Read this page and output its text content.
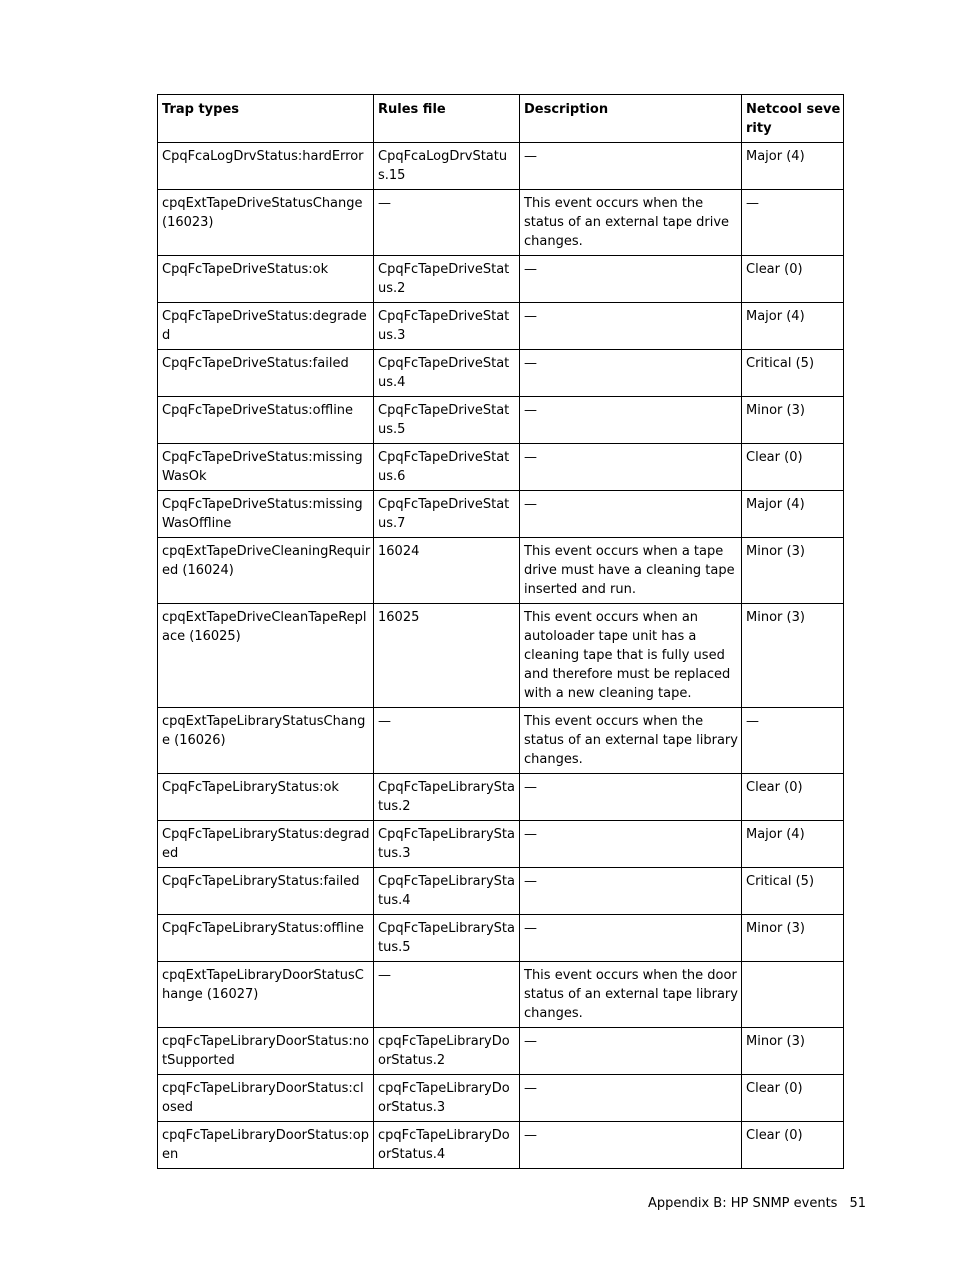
Trap types	Rules file	Description	Netcool severity
CpqFcaLogDrvStatus:hardError	CpqFcaLogDrvStatus.15	—	Major (4)
cpqExtTapeDriveStatusChange (16023)	—	This event occurs when the status of an external tape drive changes.	—
CpqFcTapeDriveStatus:ok	CpqFcTapeDriveStatus.2	—	Clear (0)
CpqFcTapeDriveStatus:degraded	CpqFcTapeDriveStatus.3	—	Major (4)
CpqFcTapeDriveStatus:failed	CpqFcTapeDriveStatus.4	—	Critical (5)
CpqFcTapeDriveStatus:offline	CpqFcTapeDriveStatus.5	—	Minor (3)
CpqFcTapeDriveStatus:missingWasOk	CpqFcTapeDriveStatus.6	—	Clear (0)
CpqFcTapeDriveStatus:missingWasOffline	CpqFcTapeDriveStatus.7	—	Major (4)
cpqExtTapeDriveCleaningRequired (16024)	16024	This event occurs when a tape drive must have a cleaning tape inserted and run.	Minor (3)
cpqExtTapeDriveCleanTapeReplace (16025)	16025	This event occurs when an autoloader tape unit has a cleaning tape that is fully used and therefore must be replaced with a new cleaning tape.	Minor (3)
cpqExtTapeLibraryStatusChange (16026)	—	This event occurs when the status of an external tape library changes.	—
CpqFcTapeLibraryStatus:ok	CpqFcTapeLibraryStatus.2	—	Clear (0)
CpqFcTapeLibraryStatus:degraded	CpqFcTapeLibraryStatus.3	—	Major (4)
CpqFcTapeLibraryStatus:failed	CpqFcTapeLibraryStatus.4	—	Critical (5)
CpqFcTapeLibraryStatus:offline	CpqFcTapeLibraryStatus.5	—	Minor (3)
cpqExtTapeLibraryDoorStatusChange (16027)	—	This event occurs when the door status of an external tape library changes.	
cpqFcTapeLibraryDoorStatus:notSupported	cpqFcTapeLibraryDoorStatus.2	—	Minor (3)
cpqFcTapeLibraryDoorStatus:closed	cpqFcTapeLibraryDoorStatus.3	—	Clear (0)
cpqFcTapeLibraryDoorStatus:open	cpqFcTapeLibraryDoorStatus.4	—	Clear (0)
Appendix B: HP SNMP events 51
